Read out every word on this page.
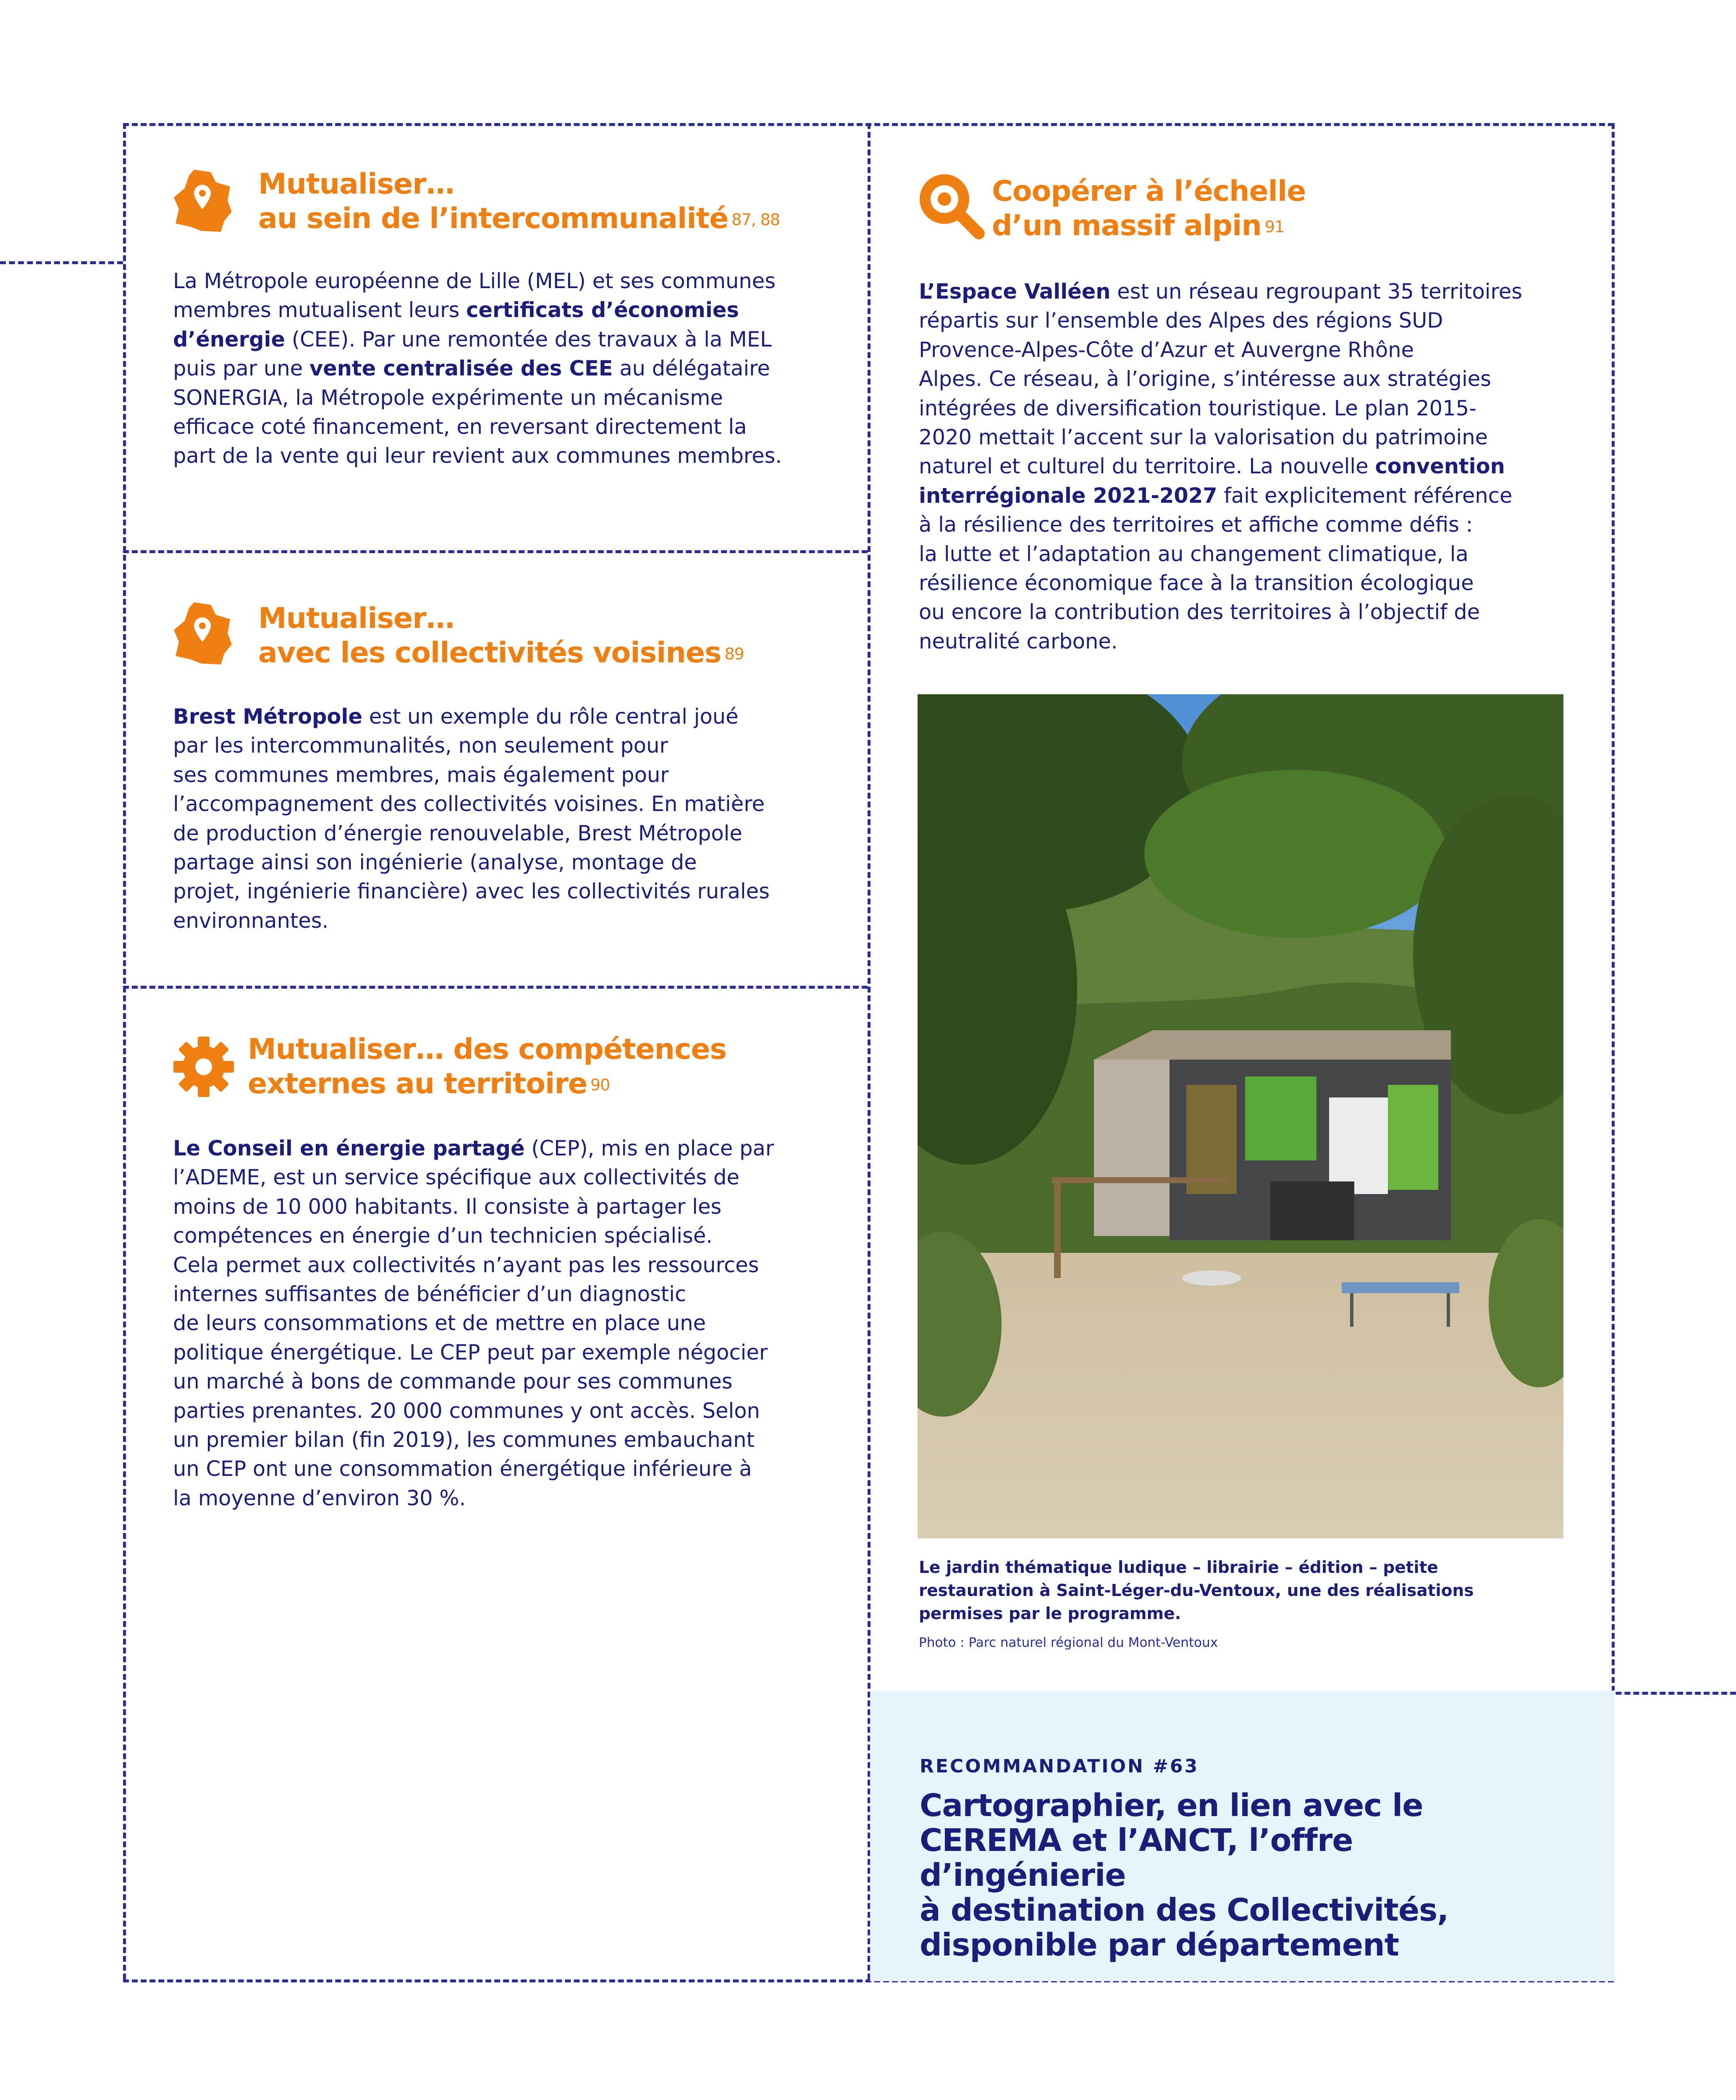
Mutualiser…
au sein de l’intercommunalité $^{87, 88}$
La Métropole européenne de Lille (MEL) et ses communes
membres mutualisent leurs certificats d’économies
d’énergie (CEE). Par une remontée des travaux à la MEL
puis par une vente centralisée des CEE au délégataire
SONERGIA, la Métropole expérimente un mécanisme
efficace coté financement, en reversant directement la
part de la vente qui leur revient aux communes membres.
Mutualiser…
avec les collectivités voisines $^{89}$
Brest Métropole est un exemple du rôle central joué
par les intercommunalités, non seulement pour
ses communes membres, mais également pour
l’accompagnement des collectivités voisines. En matière
de production d’énergie renouvelable, Brest Métropole
partage ainsi son ingénierie (analyse, montage de
projet, ingénierie financière) avec les collectivités rurales
environnantes.
Mutualiser… des compétences
externes au territoire $^{90}$
Le Conseil en énergie partagé (CEP), mis en place par
l’ADEME, est un service spécifique aux collectivités de
moins de 10 000 habitants. Il consiste à partager les
compétences en énergie d’un technicien spécialisé.
Cela permet aux collectivités n’ayant pas les ressources
internes suffisantes de bénéficier d’un diagnostic
de leurs consommations et de mettre en place une
politique énergétique. Le CEP peut par exemple négocier
un marché à bons de commande pour ses communes
parties prenantes. 20 000 communes y ont accès. Selon
un premier bilan (fin 2019), les communes embauchant
un CEP ont une consommation énergétique inférieure à
la moyenne d’environ 30 %.
Coopérer à l’échelle
d’un massif alpin $^{91}$
L’Espace Valléen est un réseau regroupant 35 territoires
répartis sur l’ensemble des Alpes des régions SUD
Provence-Alpes-Côte d’Azur et Auvergne Rhône
Alpes. Ce réseau, à l’origine, s’intéresse aux stratégies
intégrées de diversification touristique. Le plan 2015-
2020 mettait l’accent sur la valorisation du patrimoine
naturel et culturel du territoire. La nouvelle convention
interrégionale 2021-2027 fait explicitement référence
à la résilience des territoires et affiche comme défis :
la lutte et l’adaptation au changement climatique, la
résilience économique face à la transition écologique
ou encore la contribution des territoires à l’objectif de
neutralité carbone.
Le jardin thématique ludique – librairie – édition – petite
restauration à Saint-Léger-du-Ventoux, une des réalisations
permises par le programme.
Photo : Parc naturel régional du Mont-Ventoux
RECOMMANDATION #63
Cartographier, en lien avec le
CEREMA et l’ANCT, l’offre d’ingénierie
à destination des Collectivités,
disponible par département
